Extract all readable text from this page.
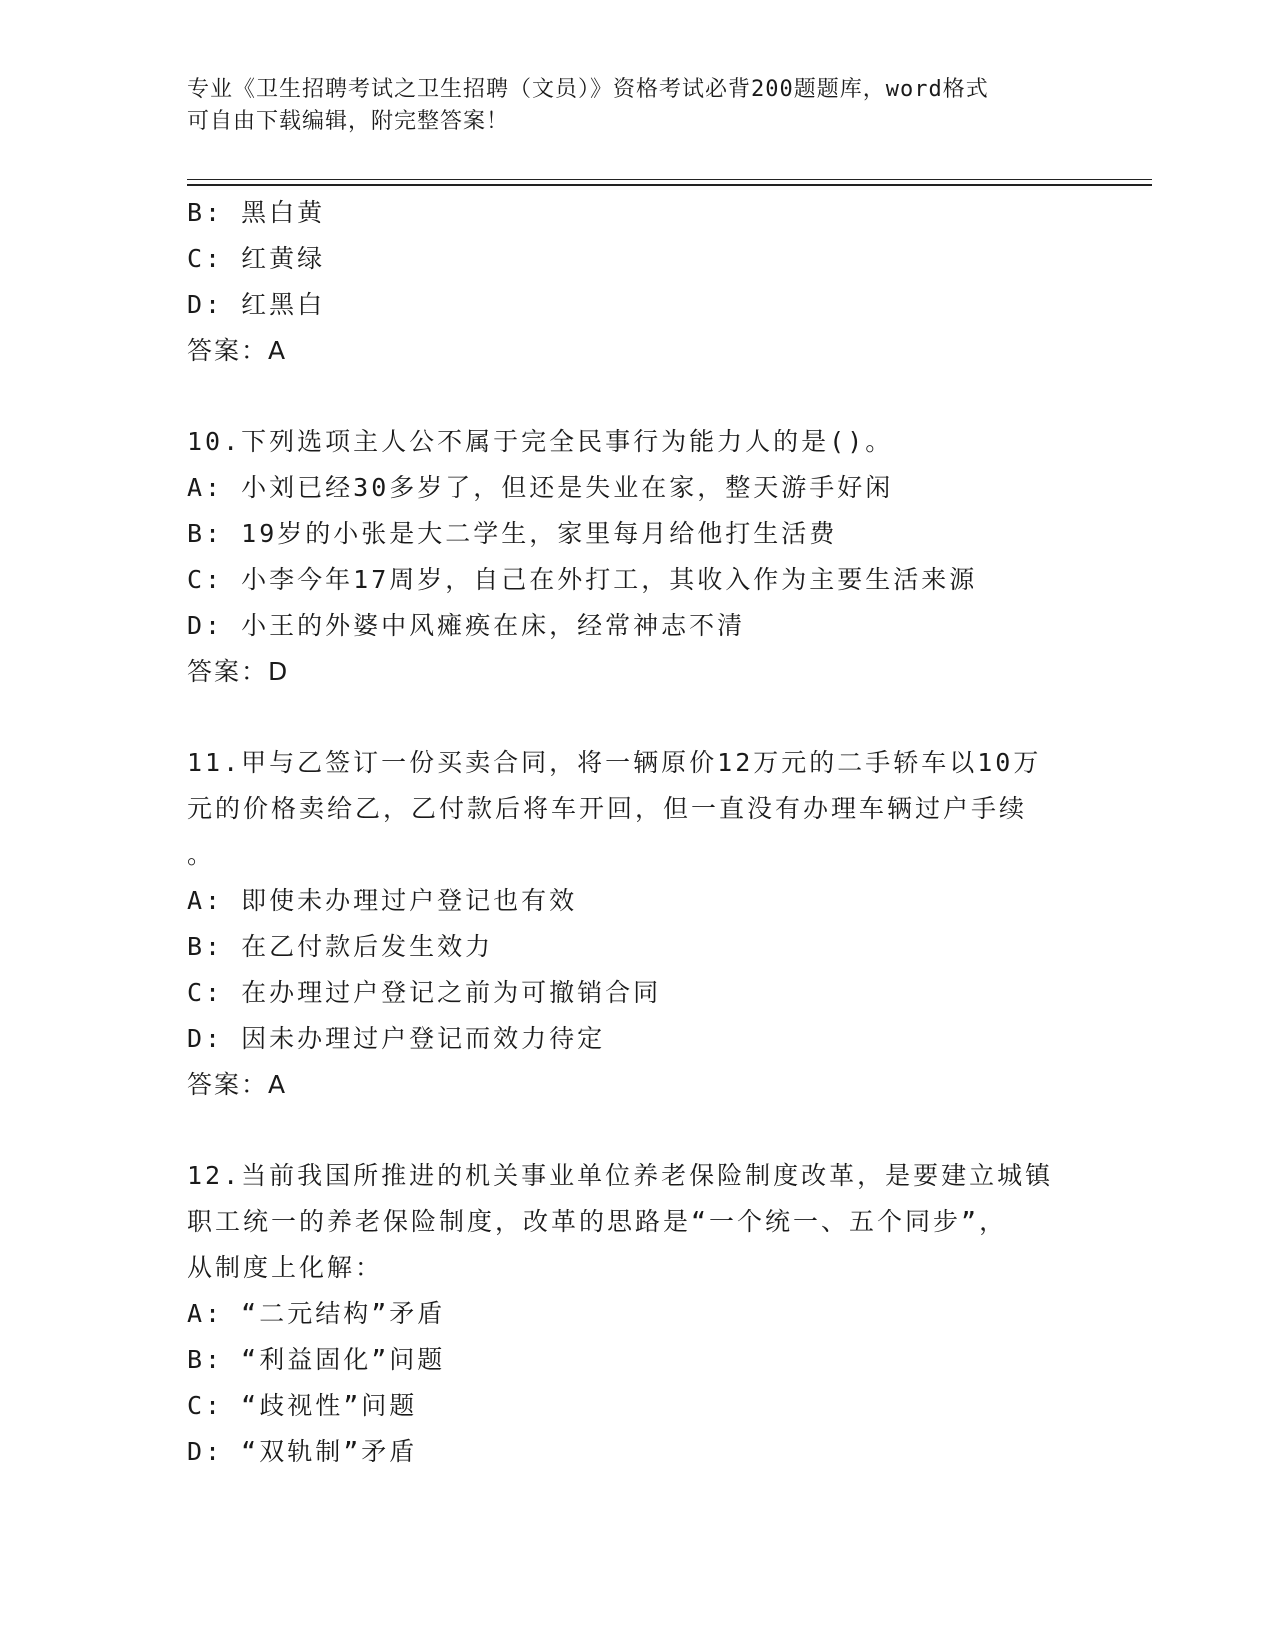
专业《卫生招聘考试之卫生招聘（文员）》资格考试必背200题题库，word格式
可自由下载编辑，附完整答案！
B: 黑白黄
C: 红黄绿
D: 红黑白
答案：A
10.下列选项主人公不属于完全民事行为能力人的是()。
A: 小刘已经30多岁了，但还是失业在家，整天游手好闲
B: 19岁的小张是大二学生，家里每月给他打生活费
C: 小李今年17周岁，自己在外打工，其收入作为主要生活来源
D: 小王的外婆中风瘫痪在床，经常神志不清
答案：D
11.甲与乙签订一份买卖合同，将一辆原价12万元的二手轿车以10万
元的价格卖给乙，乙付款后将车开回，但一直没有办理车辆过户手续
。
A: 即使未办理过户登记也有效
B: 在乙付款后发生效力
C: 在办理过户登记之前为可撤销合同
D: 因未办理过户登记而效力待定
答案：A
12.当前我国所推进的机关事业单位养老保险制度改革，是要建立城镇
职工统一的养老保险制度，改革的思路是“一个统一、五个同步”，
从制度上化解：
A: “二元结构”矛盾
B: “利益固化”问题
C: “歧视性”问题
D: “双轨制”矛盾
